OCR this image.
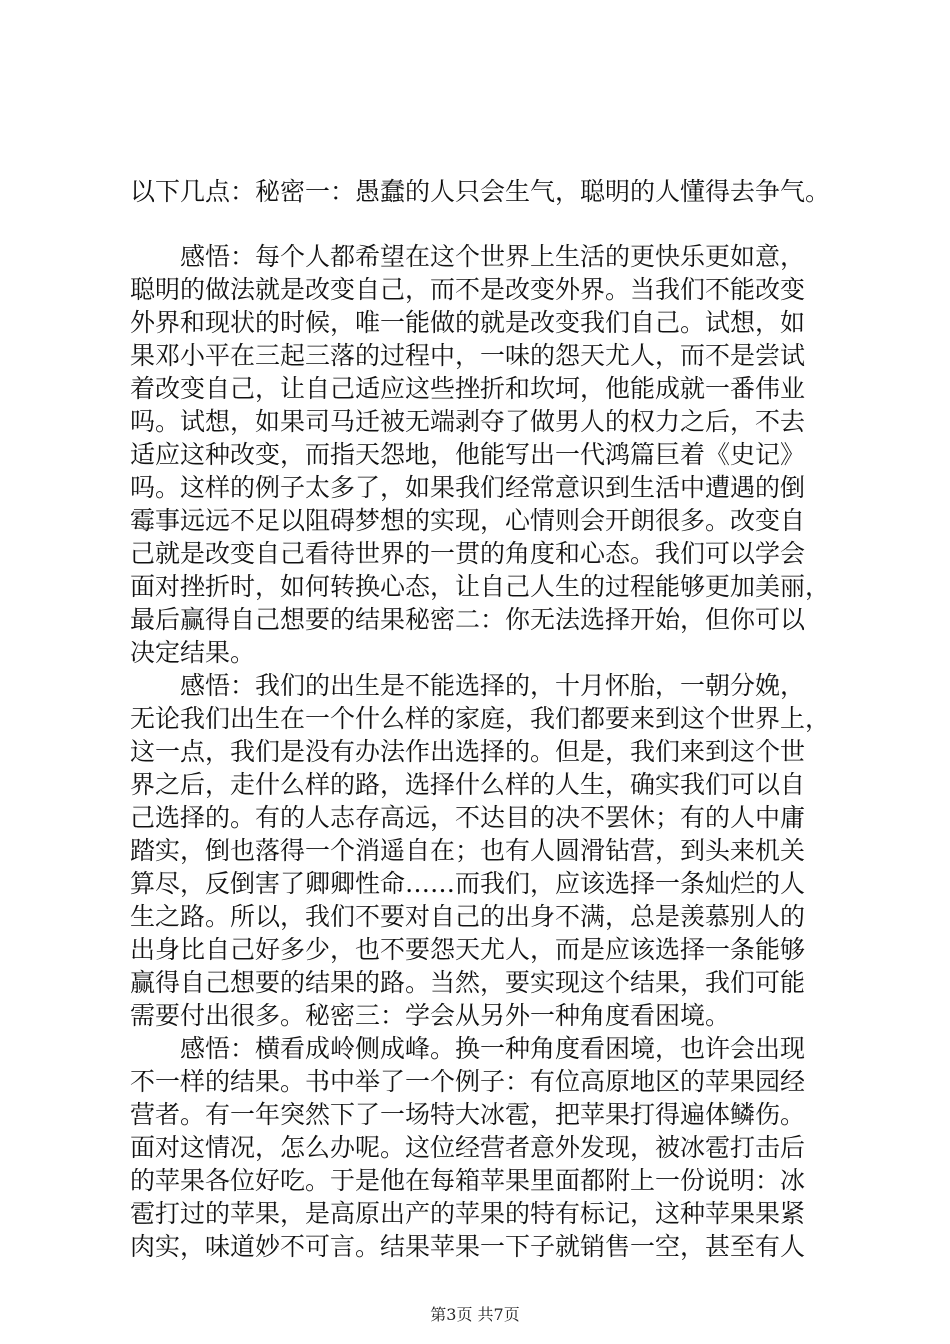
以下几点：秘密一：愚蠢的人只会生气，聪明的人懂得去争气。
感悟：每个人都希望在这个世界上生活的更快乐更如意，
聪明的做法就是改变自己，而不是改变外界。当我们不能改变
外界和现状的时候，唯一能做的就是改变我们自己。试想，如
果邓小平在三起三落的过程中，一味的怨天尤人，而不是尝试
着改变自己，让自己适应这些挫折和坎坷，他能成就一番伟业
吗。试想，如果司马迁被无端剥夺了做男人的权力之后，不去
适应这种改变，而指天怨地，他能写出一代鸿篇巨着《史记》
吗。这样的例子太多了，如果我们经常意识到生活中遭遇的倒
霉事远远不足以阻碍梦想的实现，心情则会开朗很多。改变自
己就是改变自己看待世界的一贯的角度和心态。我们可以学会
面对挫折时，如何转换心态，让自己人生的过程能够更加美丽，
最后赢得自己想要的结果秘密二：你无法选择开始，但你可以
决定结果。
感悟：我们的出生是不能选择的，十月怀胎，一朝分娩，
无论我们出生在一个什么样的家庭，我们都要来到这个世界上，
这一点，我们是没有办法作出选择的。但是，我们来到这个世
界之后，走什么样的路，选择什么样的人生，确实我们可以自
己选择的。有的人志存高远，不达目的决不罢休；有的人中庸
踏实，倒也落得一个消遥自在；也有人圆滑钻营，到头来机关
算尽，反倒害了卿卿性命……而我们，应该选择一条灿烂的人
生之路。所以，我们不要对自己的出身不满，总是羡慕别人的
出身比自己好多少，也不要怨天尤人，而是应该选择一条能够
赢得自己想要的结果的路。当然，要实现这个结果，我们可能
需要付出很多。秘密三：学会从另外一种角度看困境。
感悟：横看成岭侧成峰。换一种角度看困境，也许会出现
不一样的结果。书中举了一个例子：有位高原地区的苹果园经
营者。有一年突然下了一场特大冰雹，把苹果打得遍体鳞伤。
面对这情况，怎么办呢。这位经营者意外发现，被冰雹打击后
的苹果各位好吃。于是他在每箱苹果里面都附上一份说明：冰
雹打过的苹果，是高原出产的苹果的特有标记，这种苹果果紧
肉实，味道妙不可言。结果苹果一下子就销售一空，甚至有人
第3页 共7页
